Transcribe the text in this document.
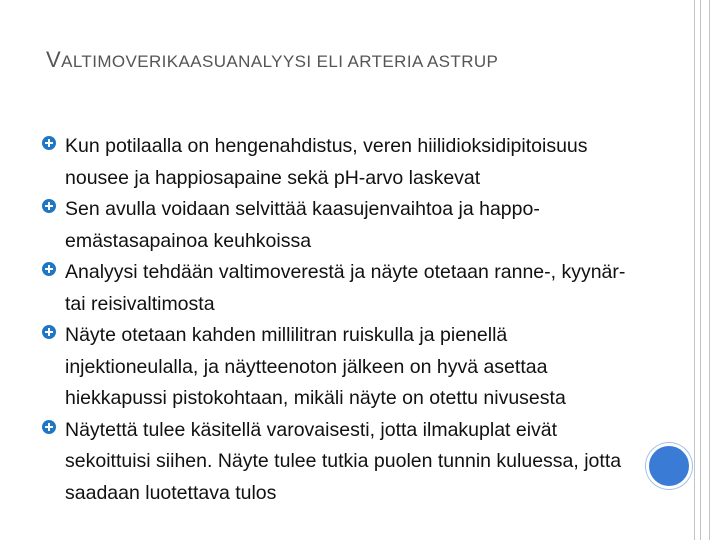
VALTIMOVERIKAASUANALYYSI ELI ARTERIA ASTRUP
Kun potilaalla on hengenahdistus, veren hiilidioksidipitoisuus nousee ja happiosapaine sekä pH-arvo laskevat
Sen avulla voidaan selvittää kaasujenvaihtoa ja happo-emästasapainoa keuhkoissa
Analyysi tehdään valtimoverestä ja näyte otetaan ranne-, kyynär- tai reisivaltimosta
Näyte otetaan kahden millilitran ruiskulla ja pienellä injektioneulalla, ja näytteenoton jälkeen on hyvä asettaa hiekkapussi pistokohtaan, mikäli näyte on otettu nivusesta
Näytettä tulee käsitellä varovaisesti, jotta ilmakuplat eivät sekoittuisi siihen. Näyte tulee tutkia puolen tunnin kuluessa, jotta saadaan luotettava tulos
